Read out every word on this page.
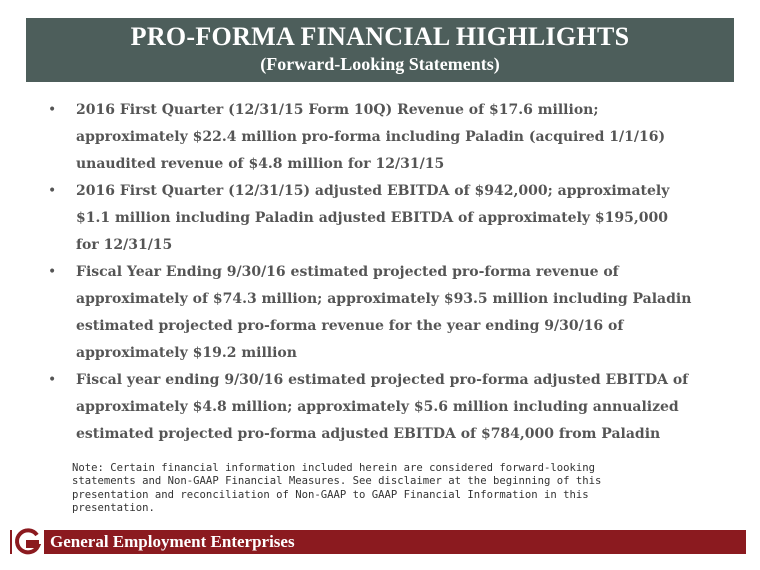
PRO-FORMA FINANCIAL HIGHLIGHTS
(Forward-Looking Statements)
• 2016 First Quarter (12/31/15 Form 10Q) Revenue of $17.6 million; approximately $22.4 million pro-forma including Paladin (acquired 1/1/16) unaudited revenue of $4.8 million for 12/31/15
• 2016 First Quarter (12/31/15) adjusted EBITDA of $942,000; approximately $1.1 million including Paladin adjusted EBITDA of approximately $195,000 for 12/31/15
• Fiscal Year Ending 9/30/16 estimated projected pro-forma revenue of approximately of $74.3 million; approximately $93.5 million including Paladin estimated projected pro-forma revenue for the year ending 9/30/16 of approximately $19.2 million
• Fiscal year ending 9/30/16 estimated projected pro-forma adjusted EBITDA of approximately $4.8 million; approximately $5.6 million including annualized estimated projected pro-forma adjusted EBITDA of $784,000 from Paladin

Note: Certain financial information included herein are considered forward-looking statements and Non-GAAP Financial Measures. See disclaimer at the beginning of this presentation and reconciliation of Non-GAAP to GAAP Financial Information in this presentation.

General Employment Enterprises
